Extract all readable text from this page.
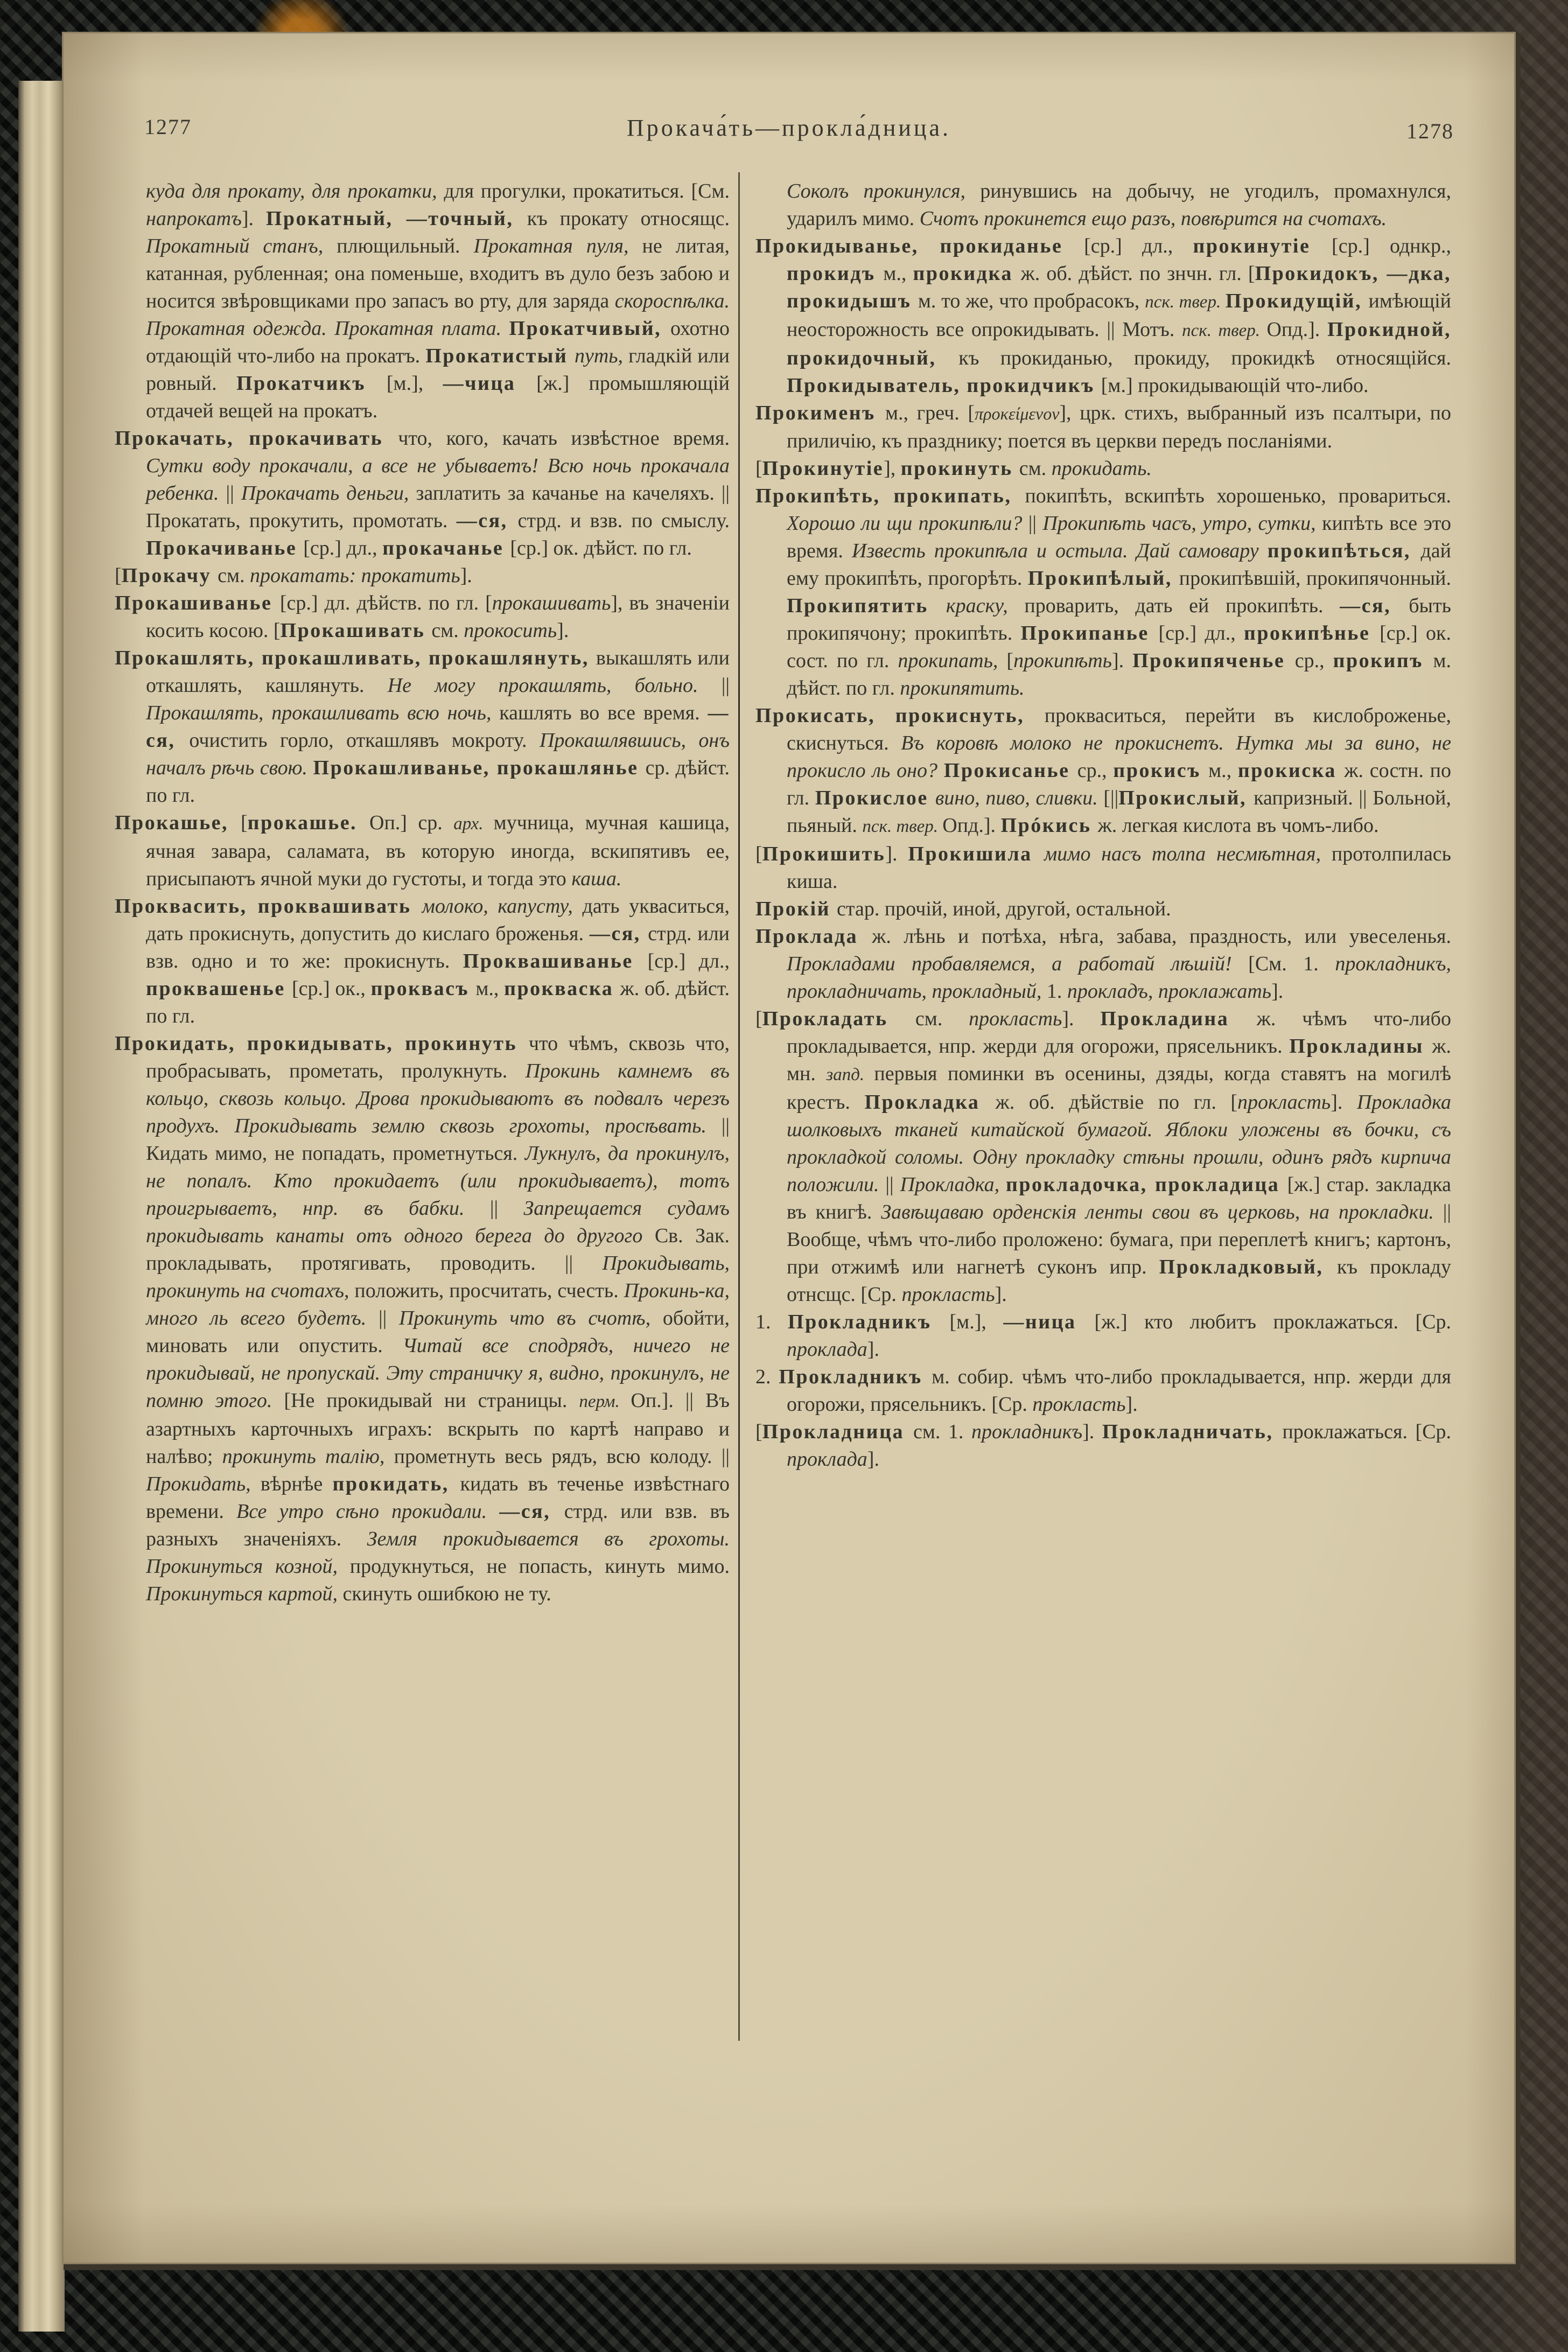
1277	Прокача́ть—прокла́дница.	1278

куда для прокату, для прокатки, для прогулки, прокатиться. [См. напрокатъ]. Прокатный, —точный, къ прокату относящс. Прокатный станъ, плющильный. Прокатная пуля, не литая, катанная, рубленная; она поменьше, входитъ въ дуло безъ забою и носится звѣровщиками про запасъ во рту, для заряда скороспѣлка. Прокатная одежда. Прокатная плата. Прокатчивый, охотно отдающій что-либо на прокатъ. Прокатистый путь, гладкій или ровный. Прокатчикъ [м.], —чица [ж.] промышляющій отдачей вещей на прокатъ.

Прокачать, прокачивать что, кого, качать извѣстное время. Сутки воду прокачали, а все не убываетъ! Всю ночь прокачала ребенка. || Прокачать деньги, заплатить за качанье на качеляхъ. || Прокатать, прокутить, промотать. —ся, стрд. и взв. по смыслу. Прокачиванье [ср.] дл., прокачанье [ср.] ок. дѣйст. по гл.

[Прокачу см. прокатать: прокатить].

Прокашиванье [ср.] дл. дѣйств. по гл. [прокашивать], въ значеніи косить косою. [Прокашивать см. прокосить].

Прокашлять, прокашливать, прокашлянуть, выкашлять или откашлять, кашлянуть. Не могу прокашлять, больно. || Прокашлять, прокашливать всю ночь, кашлять во все время. —ся, очистить горло, откашлявъ мокроту. Прокашлявшись, онъ началъ рѣчь свою. Прокашливанье, прокашлянье ср. дѣйст. по гл.

Прокашье, [прокашье. Оп.] ср. арх. мучница, мучная кашица, ячная завара, саламата, въ которую иногда, вскипятивъ ее, присыпаютъ ячной муки до густоты, и тогда это каша.

Проквасить, проквашивать молоко, капусту, дать укваситься, дать прокиснуть, допустить до кислаго броженья. —ся, стрд. или взв. одно и то же: прокиснуть. Проквашиванье [ср.] дл., проквашенье [ср.] ок., проквасъ м., прокваска ж. об. дѣйст. по гл.

Прокидать, прокидывать, прокинуть что чѣмъ, сквозь что, пробрасывать, прометать, пролукнуть. Прокинь камнемъ въ кольцо, сквозь кольцо. Дрова прокидываютъ въ подвалъ черезъ продухъ. Прокидывать землю сквозь грохоты, просѣвать. || Кидать мимо, не попадать, прометнуться. Лукнулъ, да прокинулъ, не попалъ. Кто прокидаетъ (или прокидываетъ), тотъ проигрываетъ, нпр. въ бабки. || Запрещается судамъ прокидывать канаты отъ одного берега до другого Св. Зак. прокладывать, протягивать, проводить. || Прокидывать, прокинуть на счотахъ, положить, просчитать, счесть. Прокинь-ка, много ль всего будетъ. || Прокинуть что въ счотѣ, обойти, миновать или опустить. Читай все сподрядъ, ничего не прокидывай, не пропускай. Эту страничку я, видно, прокинулъ, не помню этого. [Не прокидывай ни страницы. перм. Оп.]. || Въ азартныхъ карточныхъ играхъ: вскрыть по картѣ направо и налѣво; прокинуть талію, прометнуть весь рядъ, всю колоду. || Прокидать, вѣрнѣе прокидать, кидать въ теченье извѣстнаго времени. Все утро сѣно прокидали. —ся, стрд. или взв. въ разныхъ значеніяхъ. Земля прокидывается въ грохоты. Прокинуться козной, продукнуться, не попасть, кинуть мимо. Прокинуться картой, скинуть ошибкою не ту.

Соколъ прокинулся, ринувшись на добычу, не угодилъ, промахнулся, ударилъ мимо. Счотъ прокинется ещо разъ, повѣрится на счотахъ.

Прокидыванье, прокиданье [ср.] дл., прокинутіе [ср.] однкр., прокидъ м., прокидка ж. об. дѣйст. по знчн. гл. [Прокидокъ, —дка, прокидышъ м. то же, что пробрасокъ, пск. твер. Прокидущій, имѣющій неосторожность все опрокидывать. || Мотъ. пск. твер. Опд.]. Прокидной, прокидочный, къ прокиданью, прокиду, прокидкѣ относящійся. Прокидыватель, прокидчикъ [м.] прокидывающій что-либо.

Прокименъ м., греч. [προκείμενον], црк. стихъ, выбранный изъ псалтыри, по приличію, къ празднику; поется въ церкви передъ посланіями.

[Прокинутіе], прокинуть см. прокидать.

Прокипѣть, прокипать, покипѣть, вскипѣть хорошенько, провариться. Хорошо ли щи прокипѣли? || Прокипѣть часъ, утро, сутки, кипѣть все это время. Известь прокипѣла и остыла. Дай самовару прокипѣться, дай ему прокипѣть, прогорѣть. Прокипѣлый, прокипѣвшій, прокипячонный. Прокипятить краску, проварить, дать ей прокипѣть. —ся, быть прокипячону; прокипѣть. Прокипанье [ср.] дл., прокипѣнье [ср.] ок. сост. по гл. прокипать, [прокипѣть]. Прокипяченье ср., прокипъ м. дѣйст. по гл. прокипятить.

Прокисать, прокиснуть, прокваситься, перейти въ кислоброженье, скиснуться. Въ коровѣ молоко не прокиснетъ. Нутка мы за вино, не прокисло ль оно? Прокисанье ср., прокисъ м., прокиска ж. состн. по гл. Прокислое вино, пиво, сливки. [||Прокислый, капризный. || Больной, пьяный. пск. твер. Опд.]. Прóкись ж. легкая кислота въ чомъ-либо.

[Прокишить]. Прокишила мимо насъ толпа несмѣтная, протолпилась киша.

Прокій стар. прочій, иной, другой, остальной.

Проклада ж. лѣнь и потѣха, нѣга, забава, праздность, или увеселенья. Прокладами пробавляемся, а работай лѣшій! [См. 1. прокладникъ, прокладничать, прокладный, 1. прокладъ, проклажать].

[Прокладать см. прокласть]. Прокладина ж. чѣмъ что-либо прокладывается, нпр. жерди для огорожи, прясельникъ. Прокладины ж. мн. запд. первыя поминки въ осенины, дзяды, когда ставятъ на могилѣ крестъ. Прокладка ж. об. дѣйствіе по гл. [прокласть]. Прокладка шолковыхъ тканей китайской бумагой. Яблоки уложены въ бочки, съ прокладкой соломы. Одну прокладку стѣны прошли, одинъ рядъ кирпича положили. || Прокладка, прокладочка, прокладица [ж.] стар. закладка въ книгѣ. Завѣщаваю орденскія ленты свои въ церковь, на прокладки. || Вообще, чѣмъ что-либо проложено: бумага, при переплетѣ книгъ; картонъ, при отжимѣ или нагнетѣ суконъ ипр. Прокладковый, къ прокладу отнсщс. [Ср. прокласть].

1. Прокладникъ [м.], —ница [ж.] кто любитъ проклажаться. [Ср. проклада].

2. Прокладникъ м. собир. чѣмъ что-либо прокладывается, нпр. жерди для огорожи, прясельникъ. [Ср. прокласть].

[Прокладница см. 1. прокладникъ]. Прокладничать, проклажаться. [Ср. проклада].
